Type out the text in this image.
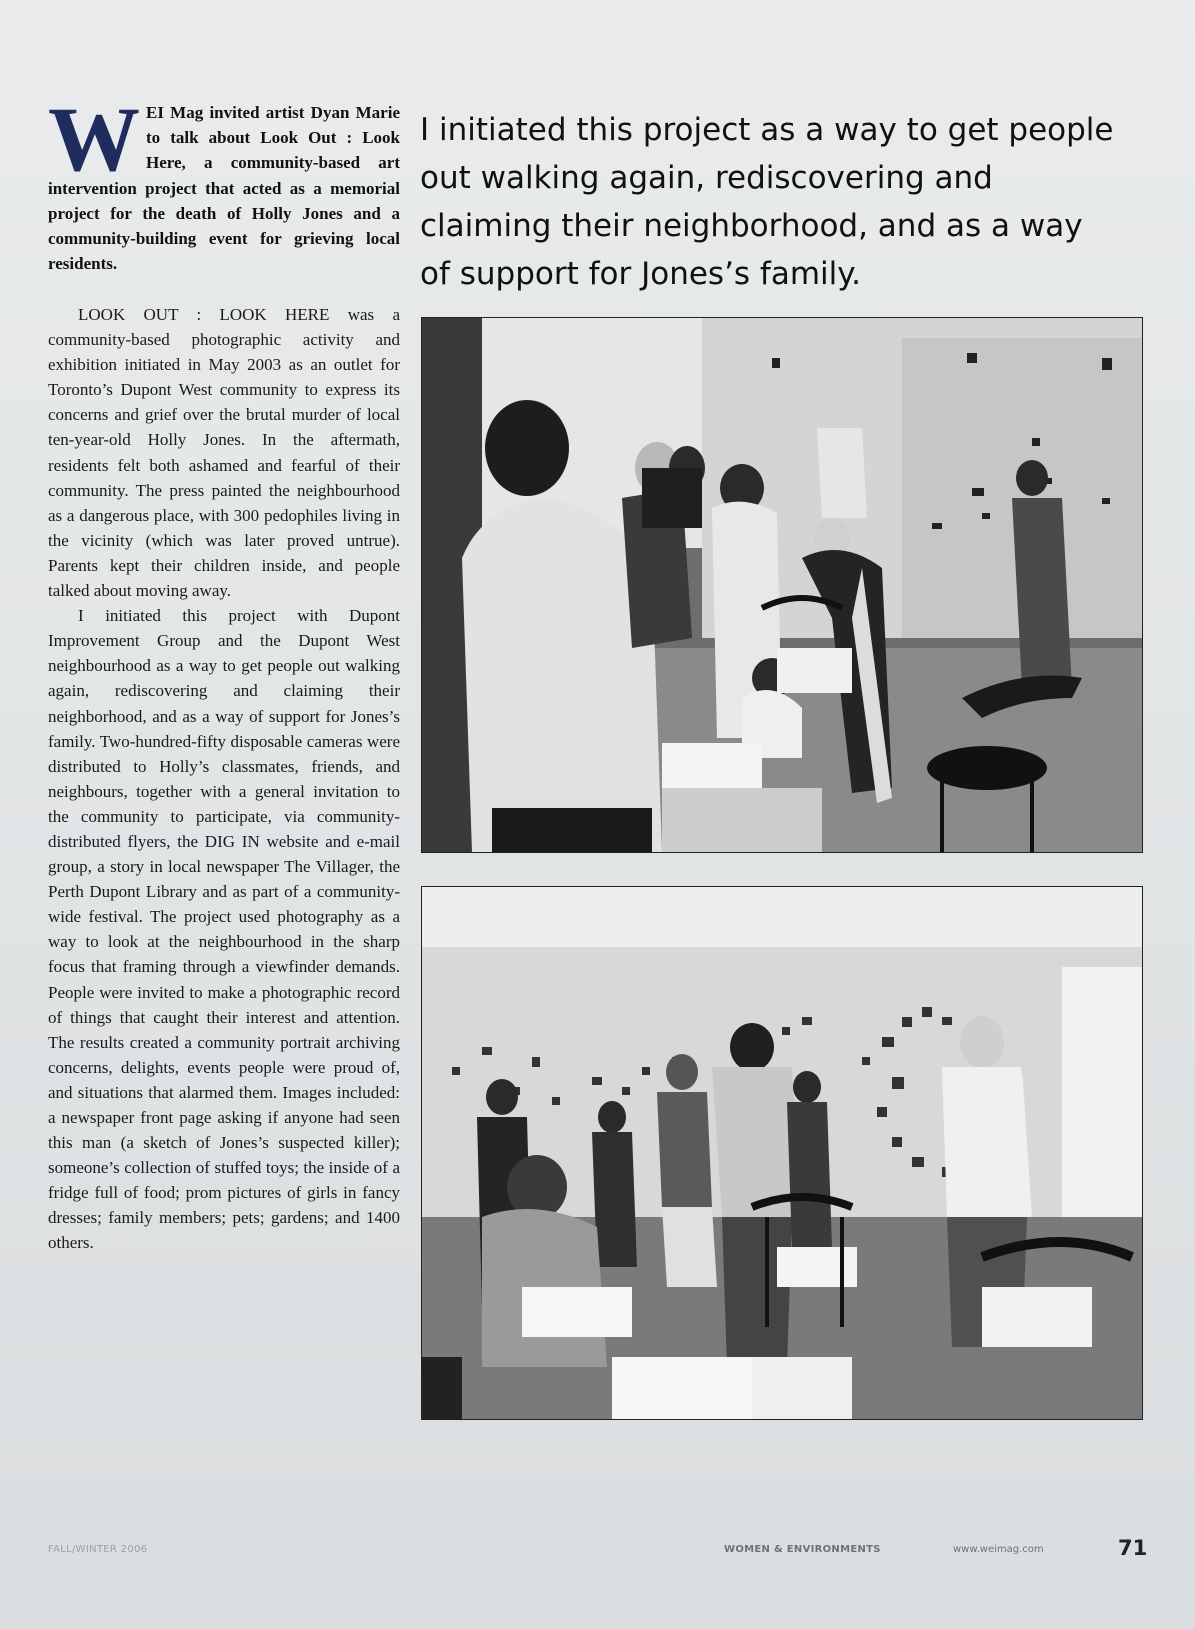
WEI Mag invited artist Dyan Marie to talk about Look Out : Look Here, a community-based art intervention project that acted as a memorial project for the death of Holly Jones and a community-building event for grieving local residents.

LOOK OUT : LOOK HERE was a community-based photographic activity and exhibition initiated in May 2003 as an outlet for Toronto’s Dupont West community to express its concerns and grief over the brutal murder of local ten-year-old Holly Jones. In the aftermath, residents felt both ashamed and fearful of their community. The press painted the neighbourhood as a dangerous place, with 300 pedophiles living in the vicinity (which was later proved untrue). Parents kept their children inside, and people talked about moving away.

I initiated this project with Dupont Improvement Group and the Dupont West neighbourhood as a way to get people out walking again, rediscovering and claiming their neighborhood, and as a way of support for Jones’s family. Two-hundred-fifty disposable cameras were distributed to Holly’s classmates, friends, and neighbours, together with a general invitation to the community to participate, via community-distributed flyers, the DIG IN website and e-mail group, a story in local newspaper The Villager, the Perth Dupont Library and as part of a community-wide festival. The project used photography as a way to look at the neighbourhood in the sharp focus that framing through a viewfinder demands. People were invited to make a photographic record of things that caught their interest and attention. The results created a community portrait archiving concerns, delights, events people were proud of, and situations that alarmed them. Images included: a newspaper front page asking if anyone had seen this man (a sketch of Jones’s suspected killer); someone’s collection of stuffed toys; the inside of a fridge full of food; prom pictures of girls in fancy dresses; family members; pets; gardens; and 1400 others.

I initiated this project as a way to get people out walking again, rediscovering and claiming their neighborhood, and as a way of support for Jones’s family.
FALL/WINTER 2006	WOMEN & ENVIRONMENTS	www.weimag.com	71
